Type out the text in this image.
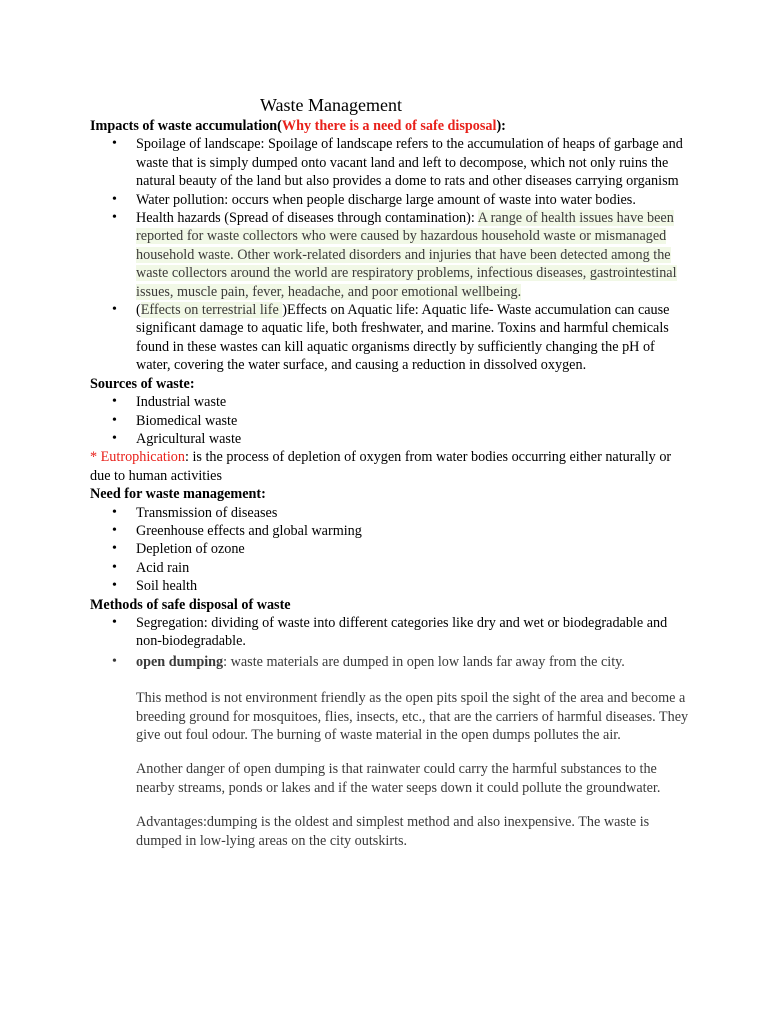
Waste Management
Impacts of waste accumulation(Why there is a need of safe disposal):
• Spoilage of landscape: Spoilage of landscape refers to the accumulation of heaps of garbage and waste that is simply dumped onto vacant land and left to decompose, which not only ruins the natural beauty of the land but also provides a dome to rats and other diseases carrying organism
• Water pollution: occurs when people discharge large amount of waste into water bodies.
• Health hazards (Spread of diseases through contamination): A range of health issues have been reported for waste collectors who were caused by hazardous household waste or mismanaged household waste. Other work-related disorders and injuries that have been detected among the waste collectors around the world are respiratory problems, infectious diseases, gastrointestinal issues, muscle pain, fever, headache, and poor emotional wellbeing.
• (Effects on terrestrial life )Effects on Aquatic life: Aquatic life- Waste accumulation can cause significant damage to aquatic life, both freshwater, and marine. Toxins and harmful chemicals found in these wastes can kill aquatic organisms directly by sufficiently changing the pH of water, covering the water surface, and causing a reduction in dissolved oxygen.
Sources of waste:
• Industrial waste
• Biomedical waste
• Agricultural waste
* Eutrophication: is the process of depletion of oxygen from water bodies occurring either naturally or due to human activities
Need for waste management:
• Transmission of diseases
• Greenhouse effects and global warming
• Depletion of ozone
• Acid rain
• Soil health
Methods of safe disposal of waste
• Segregation: dividing of waste into different categories like dry and wet or biodegradable and non-biodegradable.
• open dumping: waste materials are dumped in open low lands far away from the city.
This method is not environment friendly as the open pits spoil the sight of the area and become a breeding ground for mosquitoes, flies, insects, etc., that are the carriers of harmful diseases. They give out foul odour. The burning of waste material in the open dumps pollutes the air.
Another danger of open dumping is that rainwater could carry the harmful substances to the nearby streams, ponds or lakes and if the water seeps down it could pollute the groundwater.
Advantages:dumping is the oldest and simplest method and also inexpensive. The waste is dumped in low-lying areas on the city outskirts.
